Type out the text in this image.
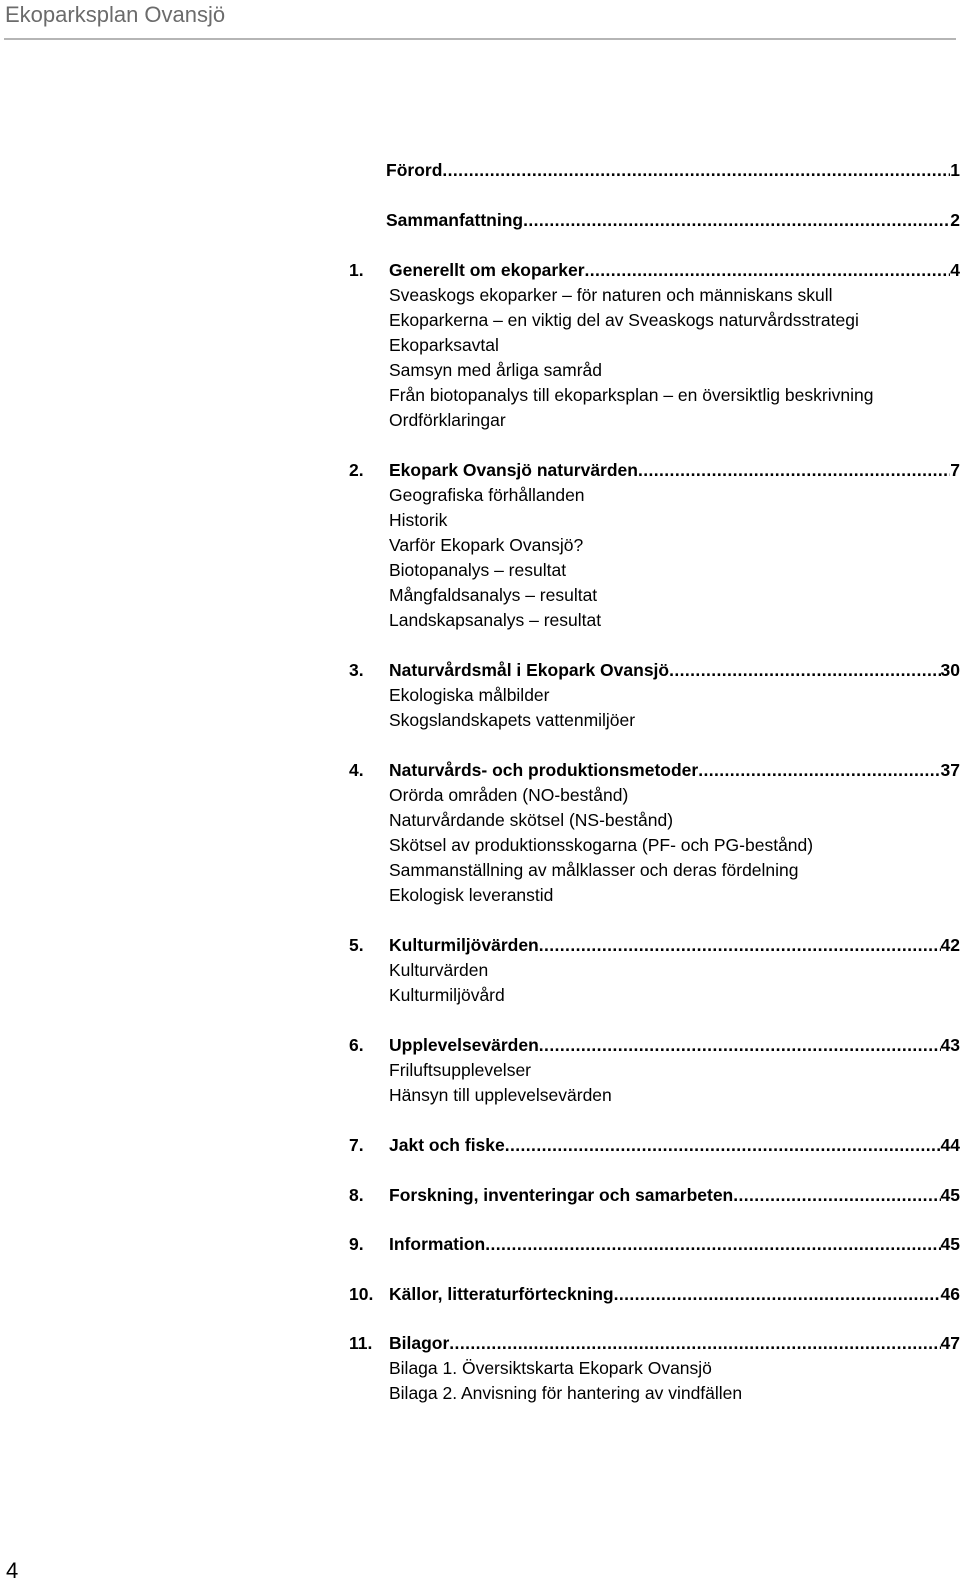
Ekoparksplan Ovansjö
Förord .....	1
Sammanfattning .....	2
1. Generellt om ekoparker .....	4
Sveaskogs ekoparker – för naturen och människans skull
Ekoparkerna – en viktig del av Sveaskogs naturvårdsstrategi
Ekoparksavtal
Samsyn med årliga samråd
Från biotopanalys till ekoparksplan – en översiktlig beskrivning
Ordförklaringar
2. Ekopark Ovansjö naturvärden .....	7
Geografiska förhållanden
Historik
Varför Ekopark Ovansjö?
Biotopanalys – resultat
Mångfaldsanalys – resultat
Landskapsanalys – resultat
3. Naturvårdsmål i Ekopark Ovansjö .....	30
Ekologiska målbilder
Skogslandskapets vattenmiljöer
4. Naturvårds- och produktionsmetoder .....	37
Orörda områden (NO-bestånd)
Naturvårdande skötsel (NS-bestånd)
Skötsel av produktionsskogarna (PF- och PG-bestånd)
Sammanställning av målklasser och deras fördelning
Ekologisk leveranstid
5. Kulturmiljövärden .....	42
Kulturvärden
Kulturmiljövård
6. Upplevelsevärden .....	43
Friluftsupplevelser
Hänsyn till upplevelsevärden
7. Jakt och fiske .....	44
8. Forskning, inventeringar och samarbeten .....	45
9. Information .....	45
10. Källor, litteraturförteckning .....	46
11. Bilagor .....	47
Bilaga 1. Översiktskarta Ekopark Ovansjö
Bilaga 2. Anvisning för hantering av vindfällen
4
